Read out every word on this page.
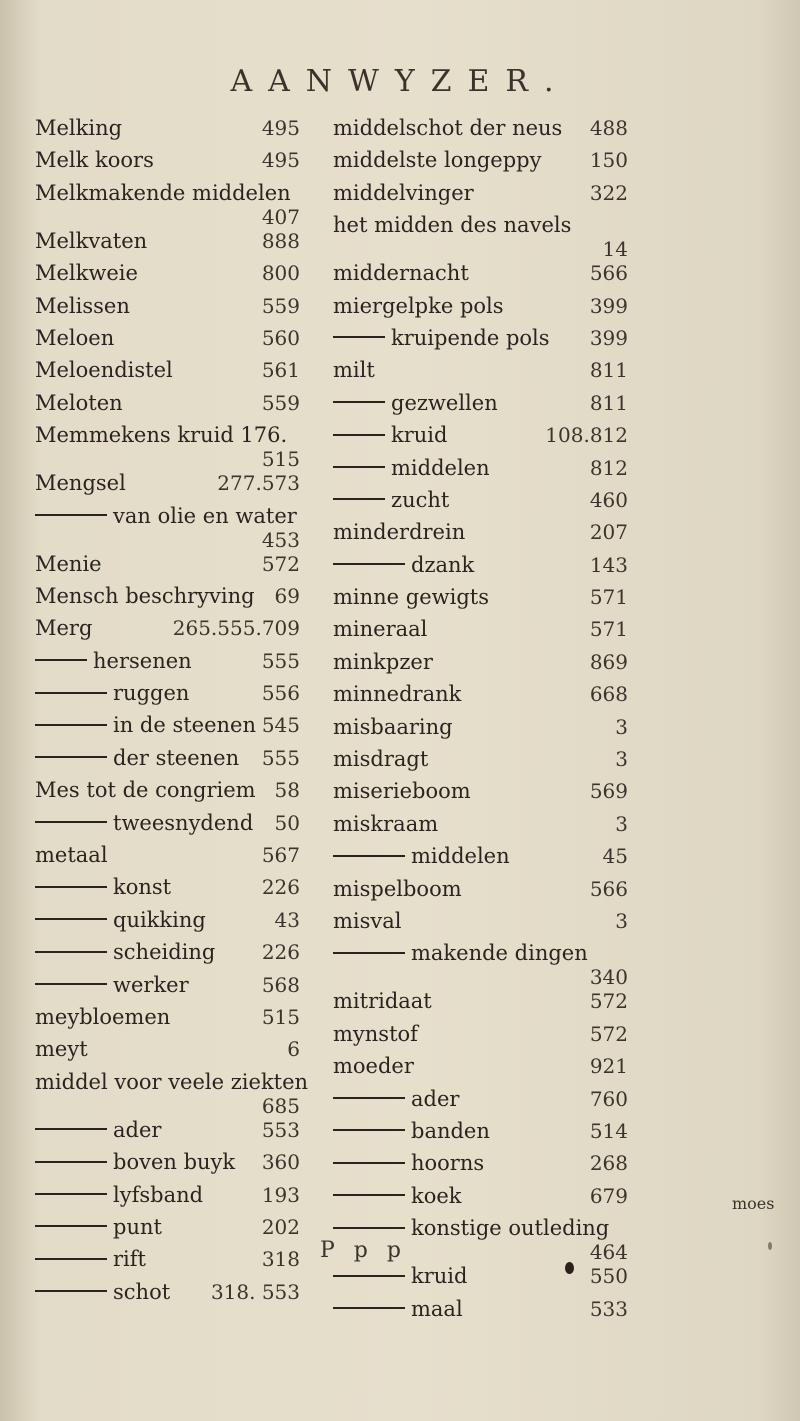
AANWYZER.
Melking	495
Melk koors	495
Melkmakende middelen
407
Melkvaten	888
Melkweie	800
Melissen	559
Meloen	560
Meloendistel	561
Meloten	559
Memmekens kruid 176.
515
Mengsel	277.573
van olie en water
453
Menie	572
Mensch beschryving 69
Merg	265.555.709
hersenen	555
ruggen	556
in de steenen 545
der steenen 555
Mes tot de congriem 58
tweesnydend 50
metaal	567
konst	226
quikking	43
scheiding 226
werker	568
meybloemen	515
meyt	6
middel voor veele ziekten
685
ader	553
boven buyk 360
lyfsband	193
punt	202
rift	318
schot 318. 553
middelschot der neus 488
middelste longeppy 150
middelvinger	322
het midden des navels
14
middernacht	566
miergelpke pols	399
kruipende pols 399
milt	811
gezwellen	811
kruid	108.812
middelen	812
zucht	460
minderdrein	207
dzank	143
minne gewigts	571
mineraal	571
minkpzer	869
minnedrank	668
misbaaring	3
misdragt	3
miserieboom	569
miskraam	3
middelen	45
mispelboom	566
misval	3
makende dingen
340
mitridaat	572
mynstof	572
moeder	921
ader	760
banden	514
hoorns	268
koek	679
konstige outleding
464
kruid	550
maal	533
P p p
moes
